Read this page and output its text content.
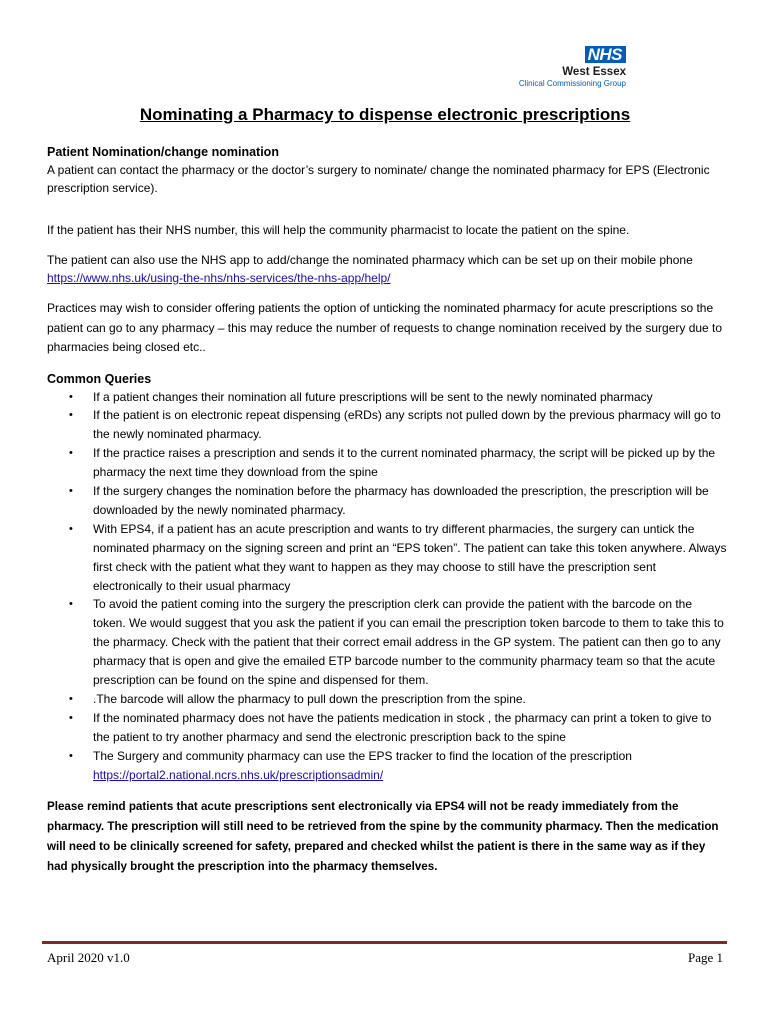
NHS
West Essex
Clinical Commissioning Group
Nominating a Pharmacy to dispense electronic prescriptions

Patient Nomination/change nomination

A patient can contact the pharmacy or the doctor’s surgery to nominate/ change the nominated pharmacy for EPS (Electronic prescription service).

If the patient has their NHS number, this will help the community pharmacist to locate the patient on the spine.

The patient can also use the NHS app to add/change the nominated pharmacy which can be set up on their mobile phone

https://www.nhs.uk/using-the-nhs/nhs-services/the-nhs-app/help/

Practices may wish to consider offering patients the option of unticking the nominated pharmacy for acute prescriptions so the patient can go to any pharmacy – this may reduce the number of requests to change nomination received by the surgery due to pharmacies being closed etc..

Common Queries

• If a patient changes their nomination all future prescriptions will be sent to the newly nominated pharmacy
• If the patient is on electronic repeat dispensing (eRDs) any scripts not pulled down by the previous pharmacy will go to the newly nominated pharmacy.
• If the practice raises a prescription and sends it to the current nominated pharmacy, the script will be picked up by the pharmacy the next time they download from the spine
• If the surgery changes the nomination before the pharmacy has downloaded the prescription, the prescription will be downloaded by the newly nominated pharmacy.
• With EPS4, if a patient has an acute prescription and wants to try different pharmacies, the surgery can untick the nominated pharmacy on the signing screen and print an “EPS token”. The patient can take this token anywhere. Always first check with the patient what they want to happen as they may choose to still have the prescription sent electronically to their usual pharmacy
• To avoid the patient coming into the surgery the prescription clerk can provide the patient with the barcode on the token. We would suggest that you ask the patient if you can email the prescription token barcode to them to take this to the pharmacy. Check with the patient that their correct email address in the GP system. The patient can then go to any pharmacy that is open and give the emailed ETP barcode number to the community pharmacy team so that the acute prescription can be found on the spine and dispensed for them.
• .The barcode will allow the pharmacy to pull down the prescription from the spine.
• If the nominated pharmacy does not have the patients medication in stock , the pharmacy can print a token to give to the patient to try another pharmacy and send the electronic prescription back to the spine
• The Surgery and community pharmacy can use the EPS tracker to find the location of the prescription
https://portal2.national.ncrs.nhs.uk/prescriptionsadmin/

Please remind patients that acute prescriptions sent electronically via EPS4 will not be ready immediately from the pharmacy. The prescription will still need to be retrieved from the spine by the community pharmacy. Then the medication will need to be clinically screened for safety, prepared and checked whilst the patient is there in the same way as if they had physically brought the prescription into the pharmacy themselves.

April 2020 v1.0	Page 1
